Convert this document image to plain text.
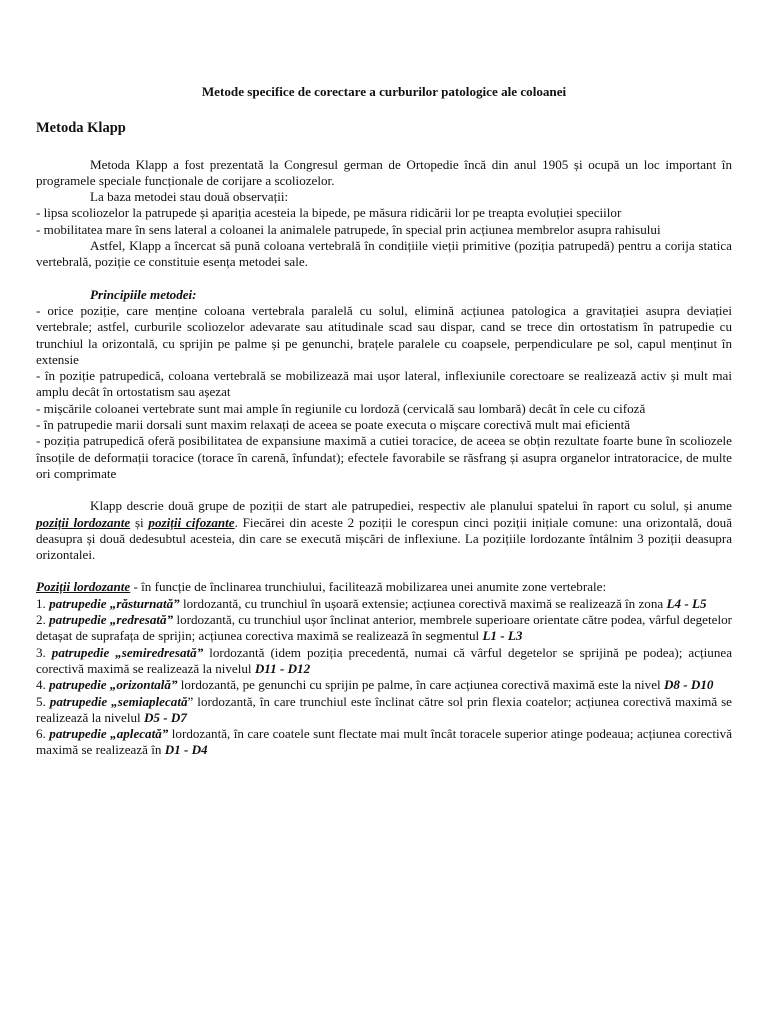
Metode specifice de corectare a curburilor patologice ale coloanei

Metoda Klapp

Metoda Klapp a fost prezentată la Congresul german de Ortopedie încă din anul 1905 și ocupă un loc important în programele speciale funcționale de corijare a scoliozelor.

La baza metodei stau două observații:

- lipsa scoliozelor la patrupede și apariția acesteia la bipede, pe măsura ridicării lor pe treapta evoluției speciilor

- mobilitatea mare în sens lateral a coloanei la animalele patrupede, în special prin acțiunea membrelor asupra rahisului

Astfel, Klapp a încercat să pună coloana vertebrală în condițiile vieții primitive (poziția patrupedă) pentru a corija statica vertebrală, poziție ce constituie esența metodei sale.

Principiile metodei:

- orice poziție, care menține coloana vertebrala paralelă cu solul, elimină acțiunea patologica a gravitației asupra deviației vertebrale; astfel, curburile scoliozelor adevarate sau atitudinale scad sau dispar, cand se trece din ortostatism în patrupedie cu trunchiul la orizontală, cu sprijin pe palme și pe genunchi, brațele paralele cu coapsele, perpendiculare pe sol, capul menținut în extensie

- în poziție patrupedică, coloana vertebrală se mobilizează mai ușor lateral, inflexiunile corectoare se realizează activ și mult mai amplu decât în ortostatism sau așezat

- mișcările coloanei vertebrate sunt mai ample în regiunile cu lordoză (cervicală sau lombară) decât în cele cu cifoză

- în patrupedie marii dorsali sunt maxim relaxați de aceea se poate executa o mișcare corectivă mult mai eficientă

- poziția patrupedică oferă posibilitatea de expansiune maximă a cutiei toracice, de aceea se obțin rezultate foarte bune în scoliozele însoțile de deformații toracice (torace în carenă, înfundat); efectele favorabile se răsfrang și asupra organelor intratoracice, de multe ori comprimate

Klapp descrie două grupe de poziții de start ale patrupediei, respectiv ale planului spatelui în raport cu solul, și anume poziții lordozante și poziții cifozante. Fiecărei din aceste 2 poziții le corespun cinci poziții inițiale comune: una orizontală, două deasupra și două dedesubtul acesteia, din care se execută mișcări de inflexiune. La pozițiile lordozante întâlnim 3 poziții deasupra orizontalei.

Poziții lordozante - în funcție de înclinarea trunchiului, facilitează mobilizarea unei anumite zone vertebrale:

1. patrupedie „răsturnată” lordozantă, cu trunchiul în ușoară extensie; acțiunea corectivă maximă se realizează în zona L4 - L5

2. patrupedie „redresată” lordozantă, cu trunchiul ușor înclinat anterior, membrele superioare orientate către podea, vârful degetelor detașat de suprafața de sprijin; acțiunea corectiva maximă se realizează în segmentul L1 - L3

3. patrupedie „semiredresată” lordozantă (idem poziția precedentă, numai că vârful degetelor se sprijină pe podea); acțiunea corectivă maximă se realizează la nivelul D11 - D12

4. patrupedie „orizontală” lordozantă, pe genunchi cu sprijin pe palme, în care acțiunea corectivă maximă este la nivel D8 - D10

5. patrupedie „semiaplecată” lordozantă, în care trunchiul este înclinat către sol prin flexia coatelor; acțiunea corectivă maximă se realizează la nivelul D5 - D7

6. patrupedie „aplecată” lordozantă, în care coatele sunt flectate mai mult încât toracele superior atinge podeaua; acțiunea corectivă maximă se realizează în D1 - D4
